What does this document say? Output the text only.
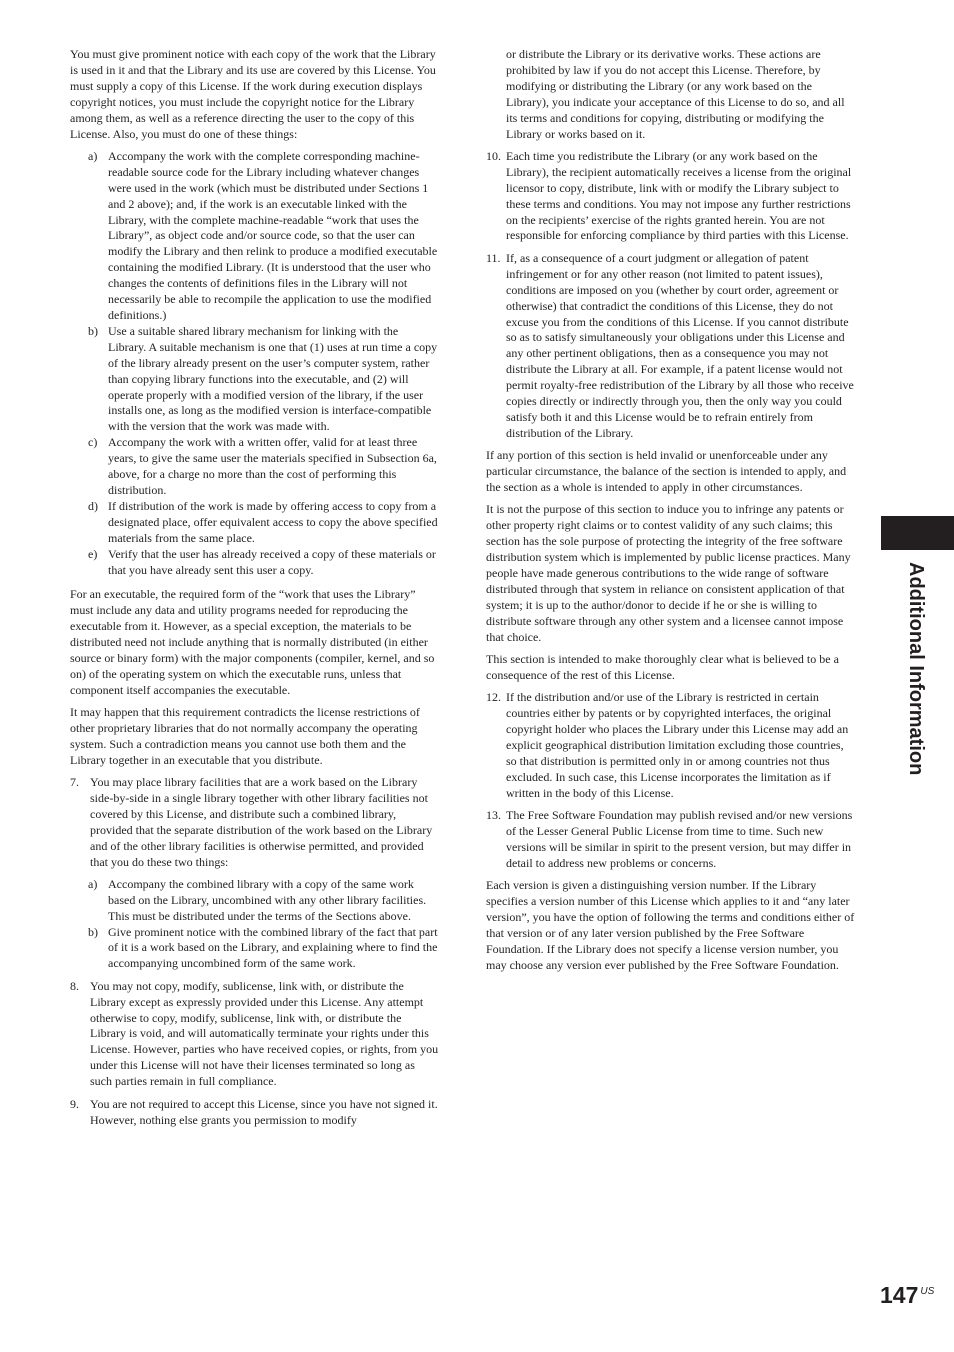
You must give prominent notice with each copy of the work that the Library is used in it and that the Library and its use are covered by this License. You must supply a copy of this License. If the work during execution displays copyright notices, you must include the copyright notice for the Library among them, as well as a reference directing the user to the copy of this License. Also, you must do one of these things:

a) Accompany the work with the complete corresponding machine-readable source code for the Library including whatever changes were used in the work (which must be distributed under Sections 1 and 2 above); and, if the work is an executable linked with the Library, with the complete machine-readable “work that uses the Library”, as object code and/or source code, so that the user can modify the Library and then relink to produce a modified executable containing the modified Library. (It is understood that the user who changes the contents of definitions files in the Library will not necessarily be able to recompile the application to use the modified definitions.)
b) Use a suitable shared library mechanism for linking with the Library. A suitable mechanism is one that (1) uses at run time a copy of the library already present on the user’s computer system, rather than copying library functions into the executable, and (2) will operate properly with a modified version of the library, if the user installs one, as long as the modified version is interface-compatible with the version that the work was made with.
c) Accompany the work with a written offer, valid for at least three years, to give the same user the materials specified in Subsection 6a, above, for a charge no more than the cost of performing this distribution.
d) If distribution of the work is made by offering access to copy from a designated place, offer equivalent access to copy the above specified materials from the same place.
e) Verify that the user has already received a copy of these materials or that you have already sent this user a copy.

For an executable, the required form of the “work that uses the Library” must include any data and utility programs needed for reproducing the executable from it. However, as a special exception, the materials to be distributed need not include anything that is normally distributed (in either source or binary form) with the major components (compiler, kernel, and so on) of the operating system on which the executable runs, unless that component itself accompanies the executable.

It may happen that this requirement contradicts the license restrictions of other proprietary libraries that do not normally accompany the operating system. Such a contradiction means you cannot use both them and the Library together in an executable that you distribute.

7. You may place library facilities that are a work based on the Library side-by-side in a single library together with other library facilities not covered by this License, and distribute such a combined library, provided that the separate distribution of the work based on the Library and of the other library facilities is otherwise permitted, and provided that you do these two things:
a) Accompany the combined library with a copy of the same work based on the Library, uncombined with any other library facilities. This must be distributed under the terms of the Sections above.
b) Give prominent notice with the combined library of the fact that part of it is a work based on the Library, and explaining where to find the accompanying uncombined form of the same work.
8. You may not copy, modify, sublicense, link with, or distribute the Library except as expressly provided under this License. Any attempt otherwise to copy, modify, sublicense, link with, or distribute the Library is void, and will automatically terminate your rights under this License. However, parties who have received copies, or rights, from you under this License will not have their licenses terminated so long as such parties remain in full compliance.
9. You are not required to accept this License, since you have not signed it. However, nothing else grants you permission to modify
or distribute the Library or its derivative works. These actions are prohibited by law if you do not accept this License. Therefore, by modifying or distributing the Library (or any work based on the Library), you indicate your acceptance of this License to do so, and all its terms and conditions for copying, distributing or modifying the Library or works based on it.
10. Each time you redistribute the Library (or any work based on the Library), the recipient automatically receives a license from the original licensor to copy, distribute, link with or modify the Library subject to these terms and conditions. You may not impose any further restrictions on the recipients’ exercise of the rights granted herein. You are not responsible for enforcing compliance by third parties with this License.
11. If, as a consequence of a court judgment or allegation of patent infringement or for any other reason (not limited to patent issues), conditions are imposed on you (whether by court order, agreement or otherwise) that contradict the conditions of this License, they do not excuse you from the conditions of this License. If you cannot distribute so as to satisfy simultaneously your obligations under this License and any other pertinent obligations, then as a consequence you may not distribute the Library at all. For example, if a patent license would not permit royalty-free redistribution of the Library by all those who receive copies directly or indirectly through you, then the only way you could satisfy both it and this License would be to refrain entirely from distribution of the Library.

If any portion of this section is held invalid or unenforceable under any particular circumstance, the balance of the section is intended to apply, and the section as a whole is intended to apply in other circumstances.

It is not the purpose of this section to induce you to infringe any patents or other property right claims or to contest validity of any such claims; this section has the sole purpose of protecting the integrity of the free software distribution system which is implemented by public license practices. Many people have made generous contributions to the wide range of software distributed through that system in reliance on consistent application of that system; it is up to the author/donor to decide if he or she is willing to distribute software through any other system and a licensee cannot impose that choice.

This section is intended to make thoroughly clear what is believed to be a consequence of the rest of this License.

12. If the distribution and/or use of the Library is restricted in certain countries either by patents or by copyrighted interfaces, the original copyright holder who places the Library under this License may add an explicit geographical distribution limitation excluding those countries, so that distribution is permitted only in or among countries not thus excluded. In such case, this License incorporates the limitation as if written in the body of this License.
13. The Free Software Foundation may publish revised and/or new versions of the Lesser General Public License from time to time. Such new versions will be similar in spirit to the present version, but may differ in detail to address new problems or concerns.

Each version is given a distinguishing version number. If the Library specifies a version number of this License which applies to it and “any later version”, you have the option of following the terms and conditions either of that version or of any later version published by the Free Software Foundation. If the Library does not specify a license version number, you may choose any version ever published by the Free Software Foundation.

Additional Information
147 $^{US}$
